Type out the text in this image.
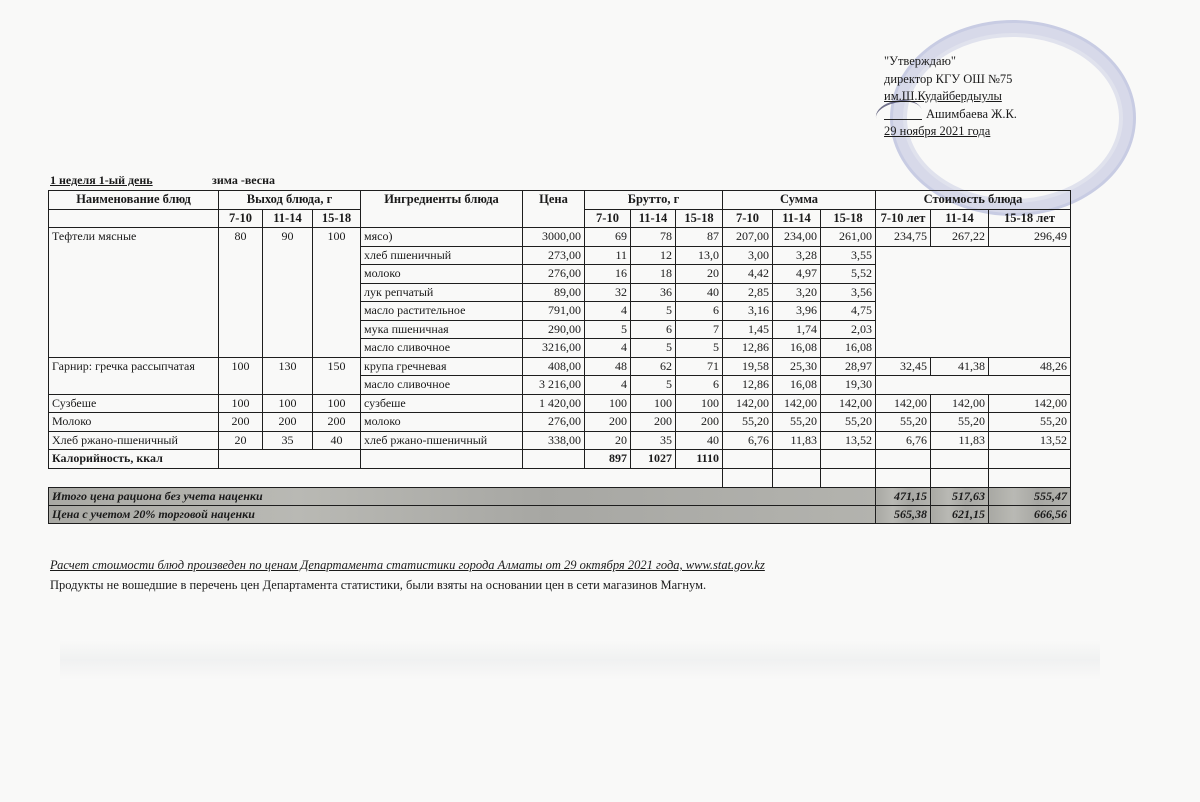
"Утверждаю"
директор КГУ ОШ №75
им.Ш.Кудайбердыулы
Ашимбаева Ж.К.
29 ноября 2021 года
1 неделя 1-ый день	зима -весна
Наименование блюд	Выход блюда, г			Ингредиенты блюда	Цена	Брутто, г			Сумма			Стоимость блюда		
	7-10	11-14	15-18			7-10	11-14	15-18	7-10	11-14	15-18	7-10 лет	11-14	15-18 лет
Тефтели мясные	80	90	100	мясо)	3000,00	69	78	87	207,00	234,00	261,00	234,75	267,22	296,49
				хлеб пшеничный	273,00	11	12	13,0	3,00	3,28	3,55			
				молоко	276,00	16	18	20	4,42	4,97	5,52			
				лук репчатый	89,00	32	36	40	2,85	3,20	3,56			
				масло растительное	791,00	4	5	6	3,16	3,96	4,75			
				мука пшеничная	290,00	5	6	7	1,45	1,74	2,03			
				масло сливочное	3216,00	4	5	5	12,86	16,08	16,08			
Гарнир: гречка рассыпчатая	100	130	150	крупа гречневая	408,00	48	62	71	19,58	25,30	28,97	32,45	41,38	48,26
				масло сливочное	3 216,00	4	5	6	12,86	16,08	19,30			
Сузбеше	100	100	100	сузбеше	1 420,00	100	100	100	142,00	142,00	142,00	142,00	142,00	142,00
Молоко	200	200	200	молоко	276,00	200	200	200	55,20	55,20	55,20	55,20	55,20	55,20
Хлеб ржано-пшеничный	20	35	40	хлеб ржано-пшеничный	338,00	20	35	40	6,76	11,83	13,52	6,76	11,83	13,52
Калорийность, ккал						897	1027	1110						

Итого цена рациона без учета наценки												471,15	517,63	555,47
Цена с учетом 20% торговой наценки												565,38	621,15	666,56
Расчет стоимости блюд произведен по ценам Департамента статистики города Алматы от 29 октября 2021 года, www.stat.gov.kz
Продукты не вошедшие в перечень цен Департамента статистики, были взяты на основании цен в сети магазинов Магнум.
